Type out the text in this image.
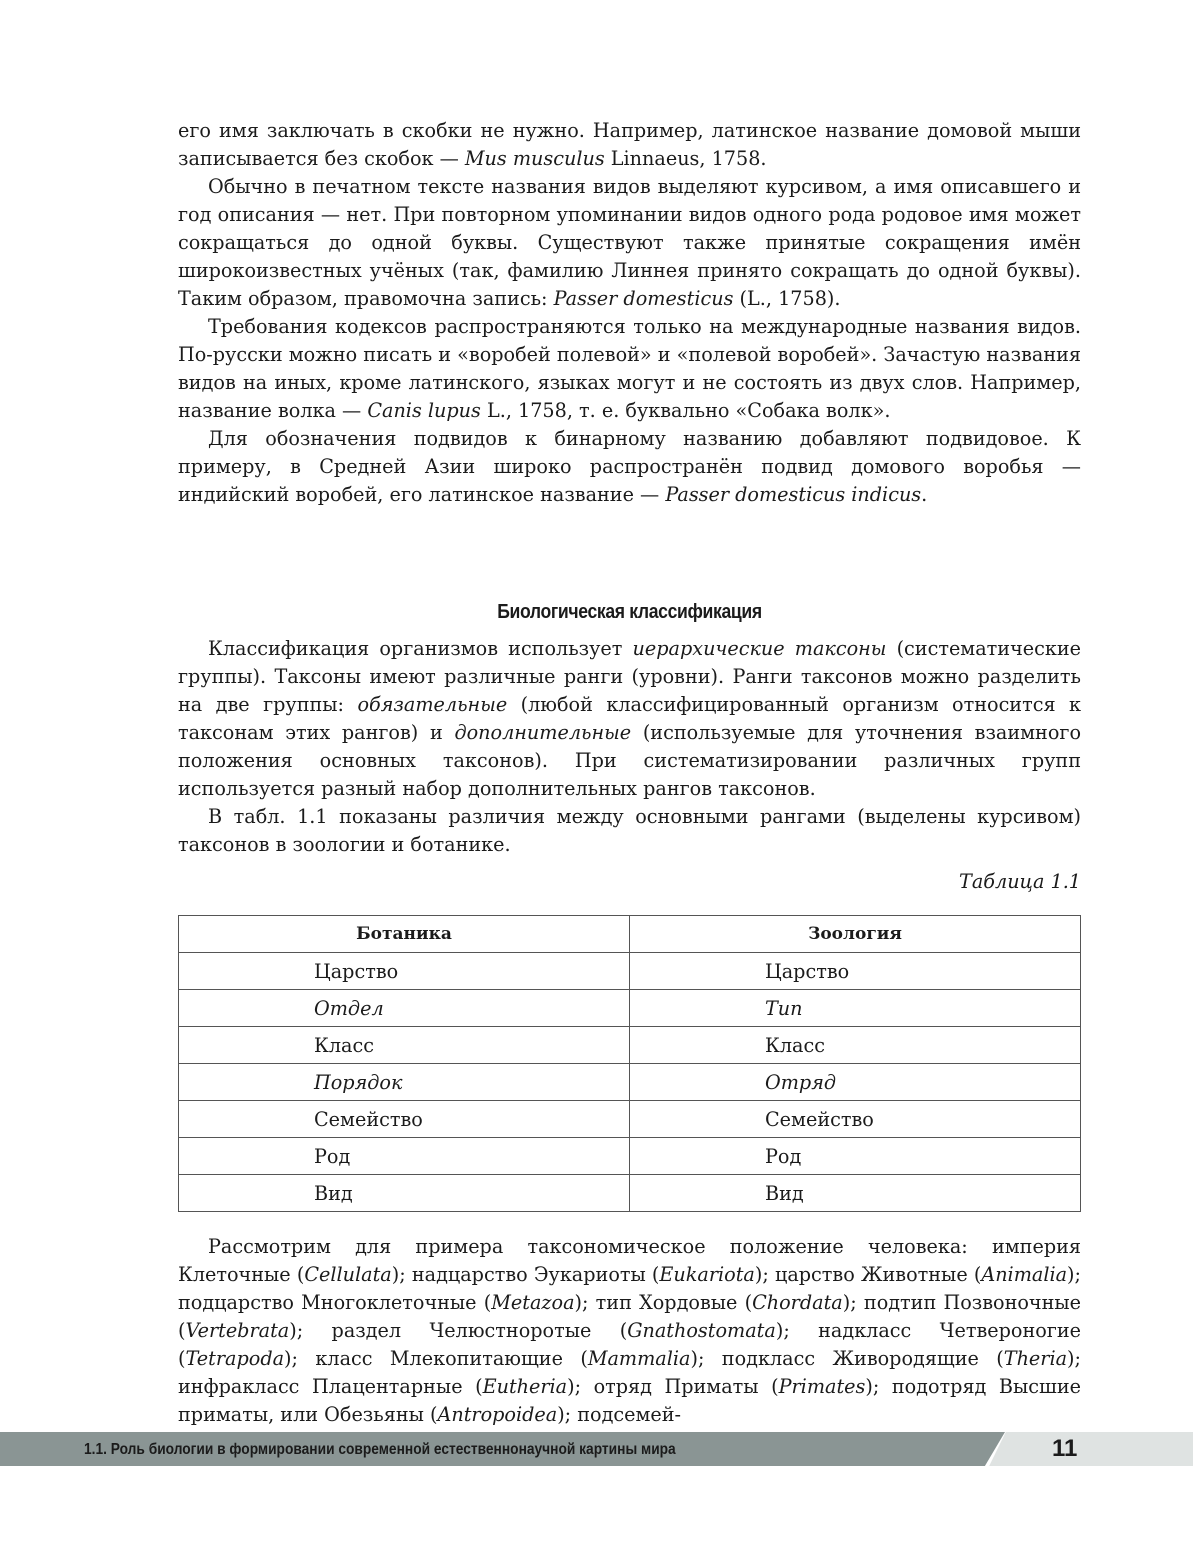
его имя заключать в скобки не нужно. Например, латинское название домовой мыши записывается без скобок — Mus musculus Linnaeus, 1758.

Обычно в печатном тексте названия видов выделяют курсивом, а имя описавшего и год описания — нет. При повторном упоминании видов одного рода родовое имя может сокращаться до одной буквы. Существуют также принятые сокращения имён широкоизвестных учёных (так, фамилию Линнея принято сокращать до одной буквы). Таким образом, правомочна запись: Passer domesticus (L., 1758).

Требования кодексов распространяются только на международные названия видов. По-русски можно писать и «воробей полевой» и «полевой воробей». Зачастую названия видов на иных, кроме латинского, языках могут и не состоять из двух слов. Например, название волка — Canis lupus L., 1758, т. е. буквально «Собака волк».

Для обозначения подвидов к бинарному названию добавляют подвидовое. К примеру, в Средней Азии широко распространён подвид домового воробья — индийский воробей, его латинское название — Passer domesticus indicus.

Биологическая классификация

Классификация организмов использует иерархические таксоны (систематические группы). Таксоны имеют различные ранги (уровни). Ранги таксонов можно разделить на две группы: обязательные (любой классифицированный организм относится к таксонам этих рангов) и дополнительные (используемые для уточнения взаимного положения основных таксонов). При систематизировании различных групп используется разный набор дополнительных рангов таксонов.

В табл. 1.1 показаны различия между основными рангами (выделены курсивом) таксонов в зоологии и ботанике.

Таблица 1.1
Ботаника	Зоология
Царство	Царство
Отдел	Тип
Класс	Класс
Порядок	Отряд
Семейство	Семейство
Род	Род
Вид	Вид

Рассмотрим для примера таксономическое положение человека: империя Клеточные (Cellulata); надцарство Эукариоты (Eukariota); царство Животные (Animalia); подцарство Многоклеточные (Metazoa); тип Хордовые (Chordata); подтип Позвоночные (Vertebrata); раздел Челюстноротые (Gnathostomata); надкласс Четвероногие (Tetrapoda); класс Млекопитающие (Mammalia); подкласс Живородящие (Theria); инфракласс Плацентарные (Eutheria); отряд Приматы (Primates); подотряд Высшие приматы, или Обезьяны (Antropoidea); подсемей-

1.1. Роль биологии в формировании современной естественнонаучной картины мира	11
